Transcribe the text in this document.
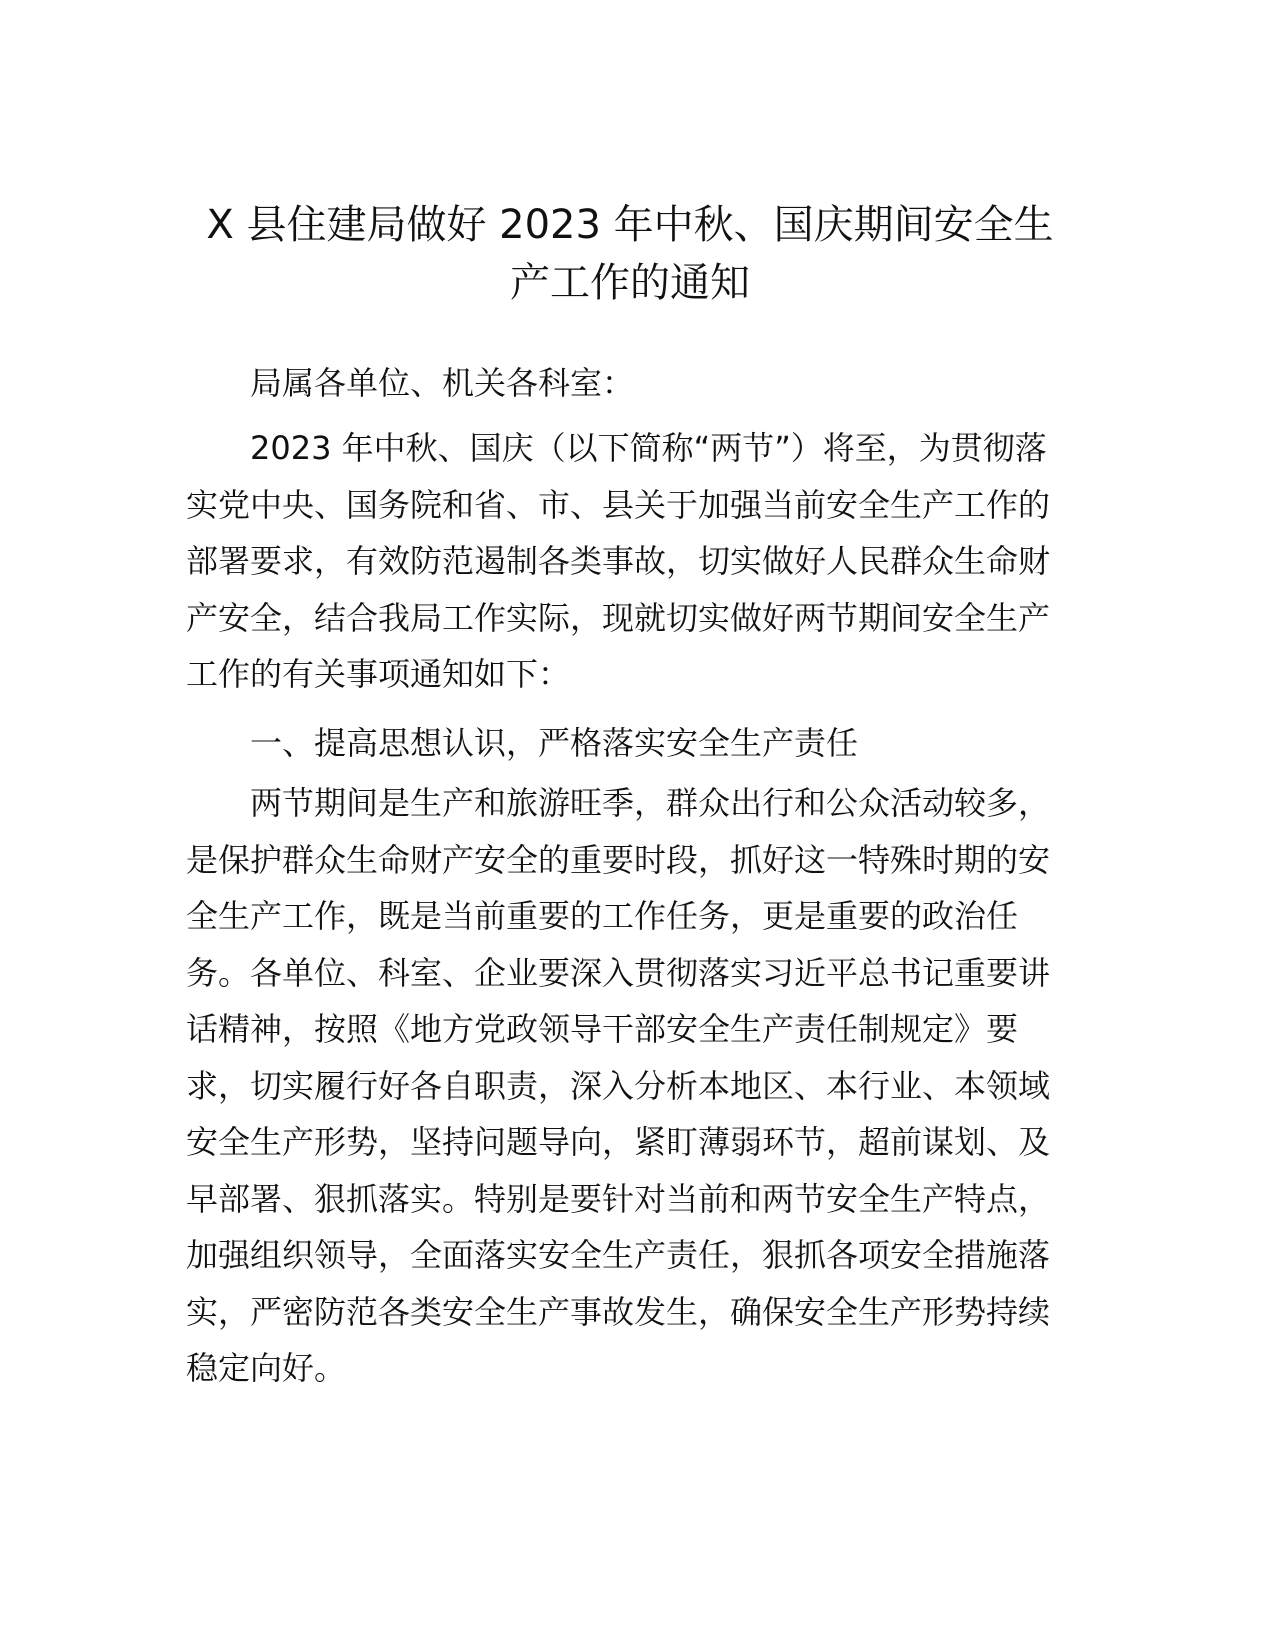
X 县住建局做好 2023 年中秋、国庆期间安全生
产工作的通知

局属各单位、机关各科室：

2023 年中秋、国庆（以下简称“两节”）将至，为贯彻落
实党中央、国务院和省、市、县关于加强当前安全生产工作的
部署要求，有效防范遏制各类事故，切实做好人民群众生命财
产安全，结合我局工作实际，现就切实做好两节期间安全生产
工作的有关事项通知如下：

一、提高思想认识，严格落实安全生产责任

两节期间是生产和旅游旺季，群众出行和公众活动较多，
是保护群众生命财产安全的重要时段，抓好这一特殊时期的安
全生产工作，既是当前重要的工作任务，更是重要的政治任
务。各单位、科室、企业要深入贯彻落实习近平总书记重要讲
话精神，按照《地方党政领导干部安全生产责任制规定》要
求，切实履行好各自职责，深入分析本地区、本行业、本领域
安全生产形势，坚持问题导向，紧盯薄弱环节，超前谋划、及
早部署、狠抓落实。特别是要针对当前和两节安全生产特点，
加强组织领导，全面落实安全生产责任，狠抓各项安全措施落
实，严密防范各类安全生产事故发生，确保安全生产形势持续
稳定向好。
